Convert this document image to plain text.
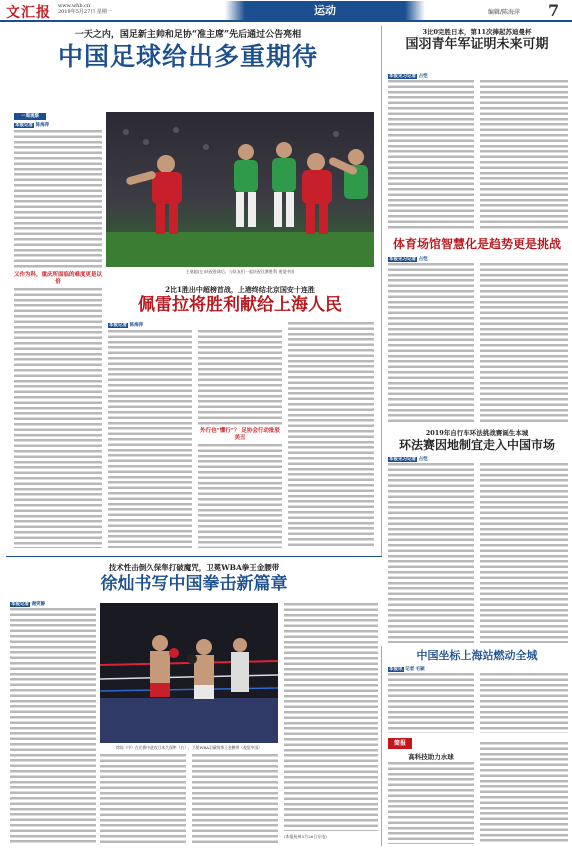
文汇报 www.whb.cn
2019年5月27日 星期一	运动	编辑/陈海萍 7
一天之内，国足新主帅和足协“准主席”先后通过公告亮相
中国足球给出多重期待
一周观察
本报记者 陈海萍
又作为科，重庆所面临的难度更是以倍
王燊超(左)庆祝进球后，与队友们一起庆祝比赛胜利 视觉中国
2比1胜出中超榜首战，上港终结北京国安十连胜
佩雷拉将胜利献给上海人民
本报记者 陈海萍
外行也“懂行”？ 足协会行动批驳美丑
3比0完胜日本，第11次捧起苏迪曼杯
国羽青年军证明未来可期
本报见习记者 占恺
体育场馆智慧化是趋势更是挑战
本报见习记者 占恺
2019年自行车环法挑战赛诞生本城
环法赛因地制宜走入中国市场
本报见习记者 占恺
技术性击倒久保隼打破魔咒，卫冕WBA拳王金腰带
徐灿书写中国拳击新篇章
本报记者 谢笑静
徐灿（中）在比赛中进攻日本久保隼（右），卫冕WBA羽量级拳王金腰带（视觉中国）
(本报杭州5月26日专电)
中国坐标上海站燃动全城
本报讯 记者 毛颖
简报
高科技助力水球
